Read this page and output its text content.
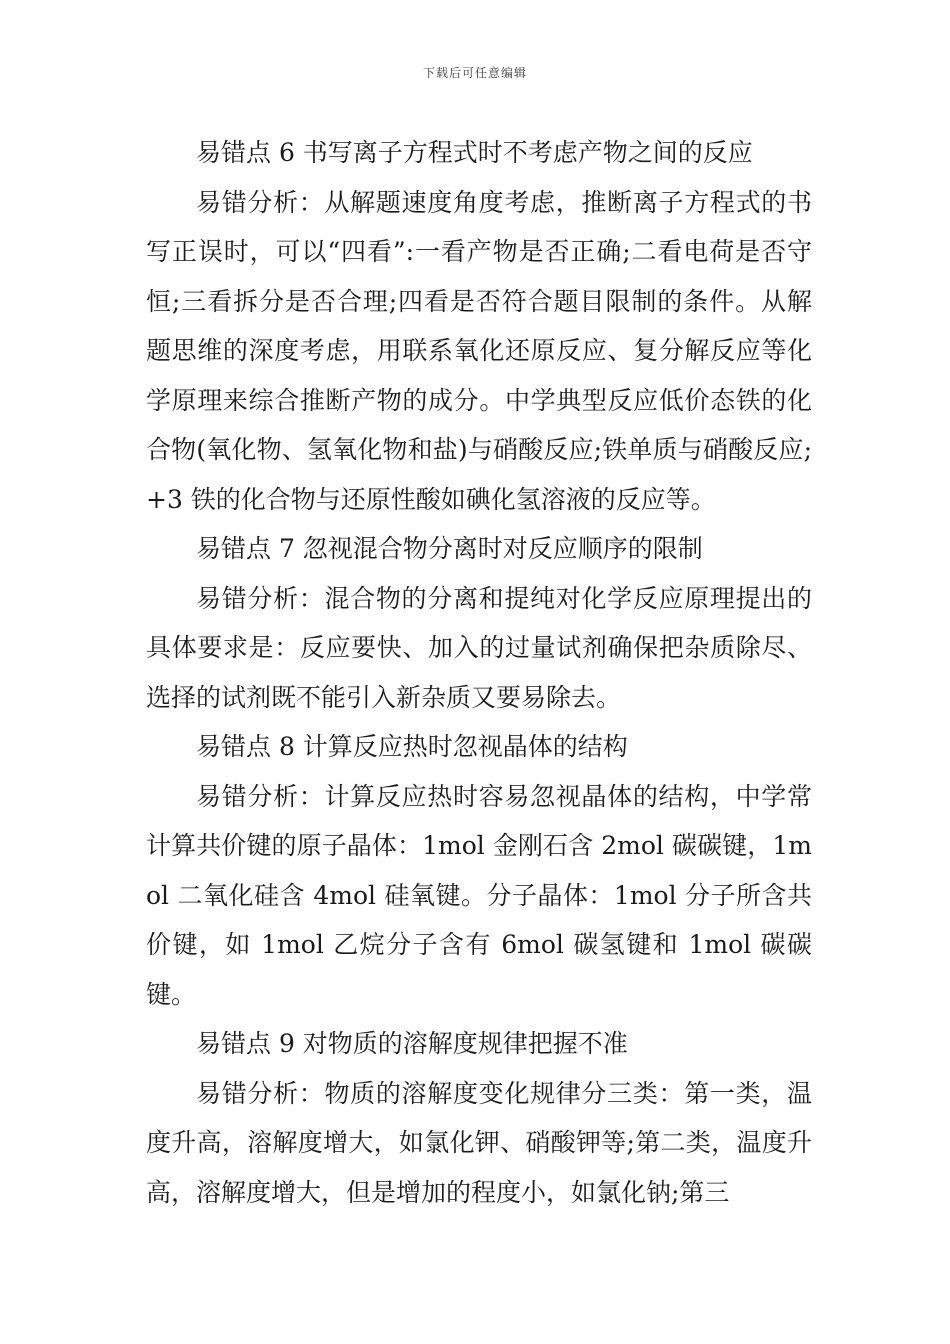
下载后可任意编辑

易错点 6 书写离子方程式时不考虑产物之间的反应

易错分析：从解题速度角度考虑，推断离子方程式的书写正误时，可以“四看”:一看产物是否正确;二看电荷是否守恒;三看拆分是否合理;四看是否符合题目限制的条件。从解题思维的深度考虑，用联系氧化还原反应、复分解反应等化学原理来综合推断产物的成分。中学典型反应低价态铁的化合物(氧化物、氢氧化物和盐)与硝酸反应;铁单质与硝酸反应;+3 铁的化合物与还原性酸如碘化氢溶液的反应等。

易错点 7 忽视混合物分离时对反应顺序的限制

易错分析：混合物的分离和提纯对化学反应原理提出的具体要求是：反应要快、加入的过量试剂确保把杂质除尽、选择的试剂既不能引入新杂质又要易除去。

易错点 8 计算反应热时忽视晶体的结构

易错分析：计算反应热时容易忽视晶体的结构，中学常计算共价键的原子晶体：1mol 金刚石含 2mol 碳碳键，1mol 二氧化硅含 4mol 硅氧键。分子晶体：1mol 分子所含共价键，如 1mol 乙烷分子含有 6mol 碳氢键和 1mol 碳碳键。

易错点 9 对物质的溶解度规律把握不准

易错分析：物质的溶解度变化规律分三类：第一类，温度升高，溶解度增大，如氯化钾、硝酸钾等;第二类，温度升高，溶解度增大，但是增加的程度小，如氯化钠;第三
